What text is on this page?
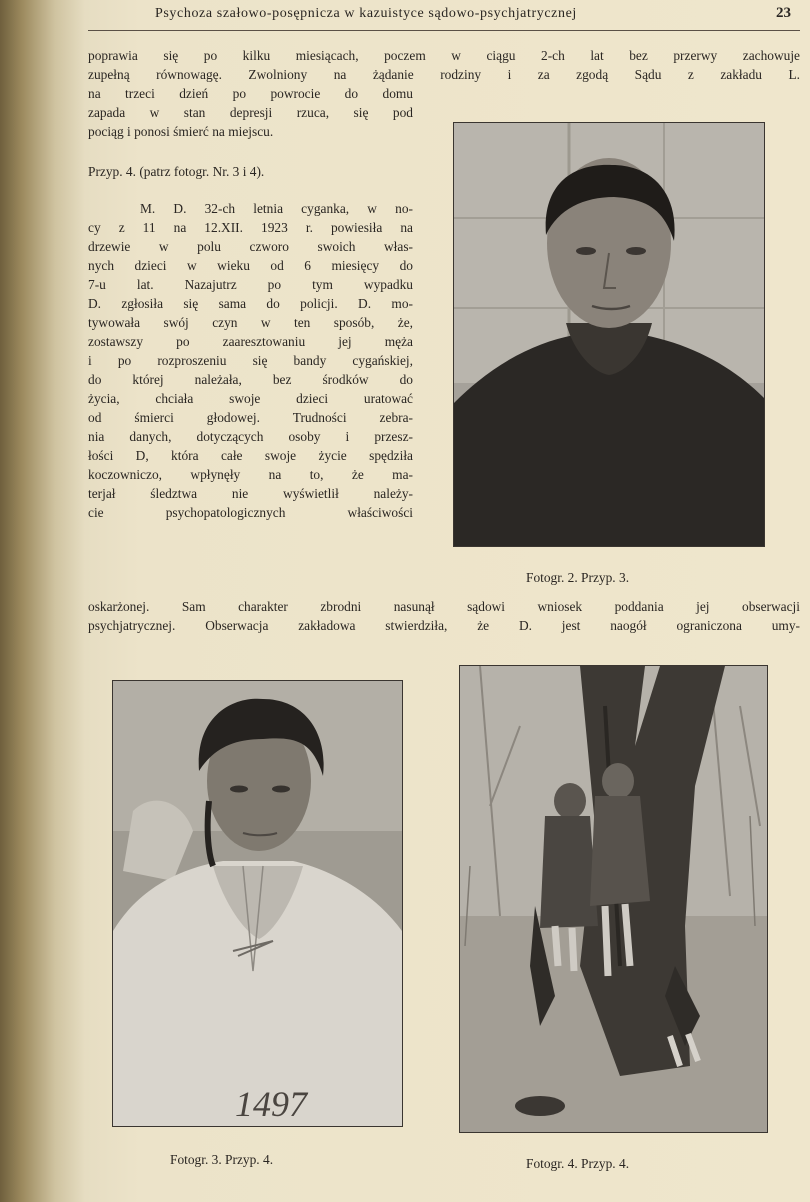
Psychoza szałowo-posępnicza w kazuistyce sądowo-psychjatrycznej	23
poprawia się po kilku miesiącach, poczem w ciągu 2-ch lat bez przerwy zachowuje
zupełną równowagę. Zwolniony na żądanie rodziny i za zgodą Sądu z zakładu L.
na trzeci dzień po powrocie do domu
zapada w stan depresji rzuca, się pod
pociąg i ponosi śmierć na miejscu.
Przyp. 4. (patrz fotogr. Nr. 3 i 4).
M. D. 32-ch letnia cyganka, w no-
cy z 11 na 12.XII. 1923 r. powiesiła na
drzewie w polu czworo swoich włas-
nych dzieci w wieku od 6 miesięcy do
7-u lat. Nazajutrz po tym wypadku
D. zgłosiła się sama do policji. D. mo-
tywowała swój czyn w ten sposób, że,
zostawszy po zaaresztowaniu jej męża
i po rozproszeniu się bandy cygańskiej,
do której należała, bez środków do
życia, chciała swoje dzieci uratować
od śmierci głodowej. Trudności zebra-
nia danych, dotyczących osoby i przesz-
łości D, która całe swoje życie spędziła
koczowniczo, wpłynęły na to, że ma-
terjał śledztwa nie wyświetlił należy-
cie psychopatologicznych właściwości
oskarżonej. Sam charakter zbrodni nasunął sądowi wniosek poddania jej obserwacji
psychjatrycznej. Obserwacja zakładowa stwierdziła, że D. jest naogół ograniczona umy-
Fotogr. 2. Przyp. 3.
1497
Fotogr. 3. Przyp. 4.	Fotogr. 4. Przyp. 4.
